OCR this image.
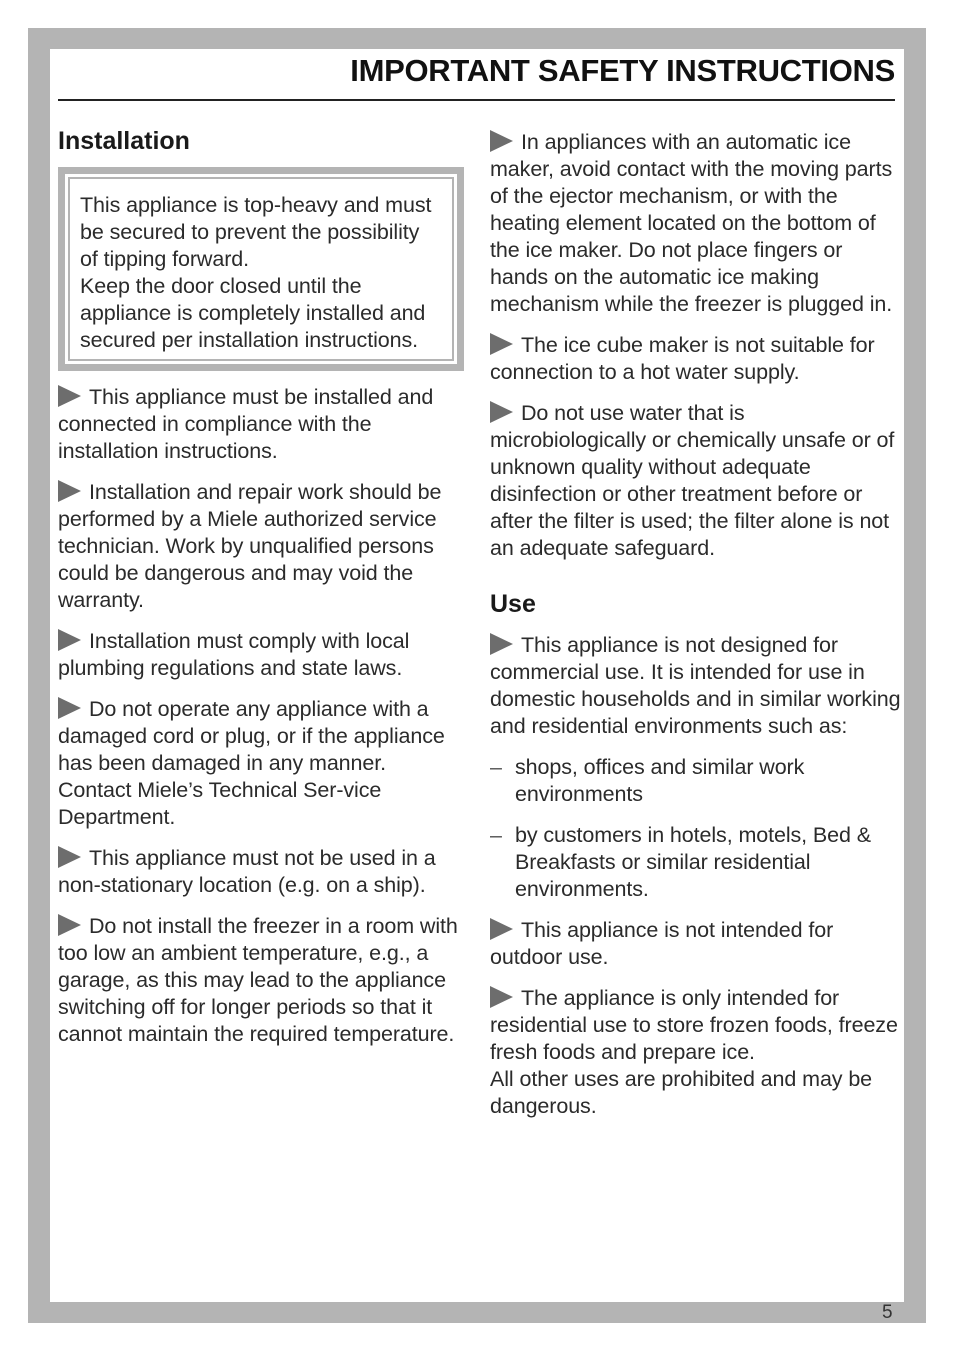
IMPORTANT SAFETY INSTRUCTIONS
Installation

This appliance is top-heavy and must be secured to prevent the possibility of tipping forward.

Keep the door closed until the appliance is completely installed and secured per installation instructions.

This appliance must be installed and connected in compliance with the installation instructions.

Installation and repair work should be performed by a Miele authorized service technician. Work by unqualified persons could be dangerous and may void the warranty.

Installation must comply with local plumbing regulations and state laws.

Do not operate any appliance with a damaged cord or plug, or if the appliance has been damaged in any manner. Contact Miele’s Technical Ser-vice Department.

This appliance must not be used in a non-stationary location (e.g. on a ship).

Do not install the freezer in a room with too low an ambient temperature, e.g., a garage, as this may lead to the appliance switching off for longer periods so that it cannot maintain the required temperature.

In appliances with an automatic ice maker, avoid contact with the moving parts of the ejector mechanism, or with the heating element located on the bottom of the ice maker. Do not place fingers or hands on the automatic ice making mechanism while the freezer is plugged in.

The ice cube maker is not suitable for connection to a hot water supply.

Do not use water that is microbiologically or chemically unsafe or of unknown quality without adequate disinfection or other treatment before or after the filter is used; the filter alone is not an adequate safeguard.

Use

This appliance is not designed for commercial use. It is intended for use in domestic households and in similar working and residential environments such as:

– shops, offices and similar work environments

– by customers in hotels, motels, Bed & Breakfasts or similar residential environments.

This appliance is not intended for outdoor use.

The appliance is only intended for residential use to store frozen foods, freeze fresh foods and prepare ice.

All other uses are prohibited and may be dangerous.

5
